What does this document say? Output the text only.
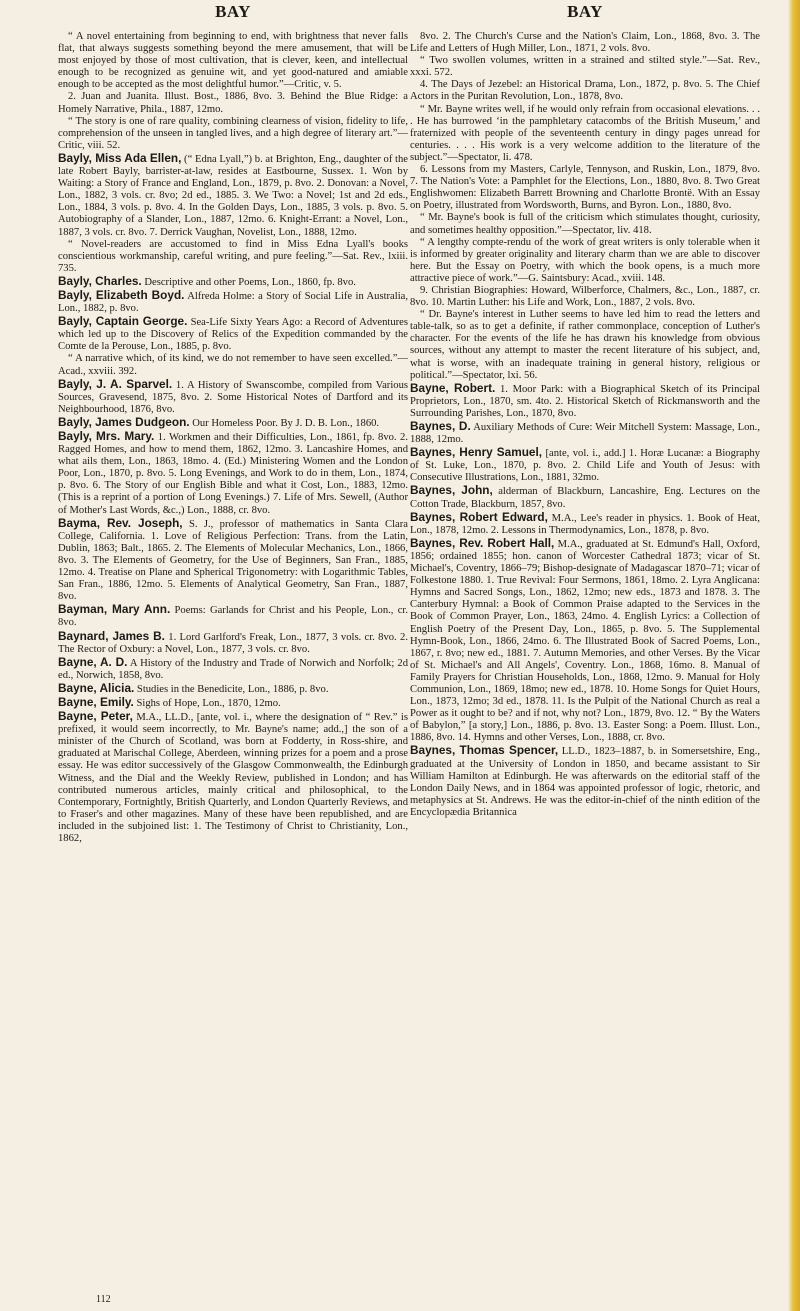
BAY	BAY

“ A novel entertaining from beginning to end, with brightness that never falls flat, that always suggests something beyond the mere amusement, that will be most enjoyed by those of most cultivation, that is clever, keen, and intellectual enough to be recognized as genuine wit, and yet good-natured and amiable enough to be accepted as the most delightful humor.”—Critic, v. 5.

2. Juan and Juanita. Illust. Bost., 1886, 8vo. 3. Behind the Blue Ridge: a Homely Narrative, Phila., 1887, 12mo.

“ The story is one of rare quality, combining clearness of vision, fidelity to life, comprehension of the unseen in tangled lives, and a high degree of literary art.”—Critic, viii. 52.

Bayly, Miss Ada Ellen, (“ Edna Lyall,”) b. at Brighton, Eng., daughter of the late Robert Bayly, barrister-at-law, resides at Eastbourne, Sussex. 1. Won by Waiting: a Story of France and England, Lon., 1879, p. 8vo. 2. Donovan: a Novel, Lon., 1882, 3 vols. cr. 8vo; 2d ed., 1885. 3. We Two: a Novel; 1st and 2d eds., Lon., 1884, 3 vols. p. 8vo. 4. In the Golden Days, Lon., 1885, 3 vols. p. 8vo. 5. Autobiography of a Slander, Lon., 1887, 12mo. 6. Knight-Errant: a Novel, Lon., 1887, 3 vols. cr. 8vo. 7. Derrick Vaughan, Novelist, Lon., 1888, 12mo.

“ Novel-readers are accustomed to find in Miss Edna Lyall's books conscientious workmanship, careful writing, and pure feeling.”—Sat. Rev., lxiii. 735.

Bayly, Charles. Descriptive and other Poems, Lon., 1860, fp. 8vo.

Bayly, Elizabeth Boyd. Alfreda Holme: a Story of Social Life in Australia, Lon., 1882, p. 8vo.

Bayly, Captain George. Sea-Life Sixty Years Ago: a Record of Adventures which led up to the Discovery of Relics of the Expedition commanded by the Comte de la Perouse, Lon., 1885, p. 8vo.

“ A narrative which, of its kind, we do not remember to have seen excelled.”—Acad., xxviii. 392.

Bayly, J. A. Sparvel. 1. A History of Swanscombe, compiled from Various Sources, Gravesend, 1875, 8vo. 2. Some Historical Notes of Dartford and its Neighbourhood, 1876, 8vo.

Bayly, James Dudgeon. Our Homeless Poor. By J. D. B. Lon., 1860.

Bayly, Mrs. Mary. 1. Workmen and their Difficulties, Lon., 1861, fp. 8vo. 2. Ragged Homes, and how to mend them, 1862, 12mo. 3. Lancashire Homes, and what ails them, Lon., 1863, 18mo. 4. (Ed.) Ministering Women and the London Poor, Lon., 1870, p. 8vo. 5. Long Evenings, and Work to do in them, Lon., 1874, p. 8vo. 6. The Story of our English Bible and what it Cost, Lon., 1883, 12mo. (This is a reprint of a portion of Long Evenings.) 7. Life of Mrs. Sewell, (Author of Mother's Last Words, &c.,) Lon., 1888, cr. 8vo.

Bayma, Rev. Joseph, S. J., professor of mathematics in Santa Clara College, California. 1. Love of Religious Perfection: Trans. from the Latin, Dublin, 1863; Balt., 1865. 2. The Elements of Molecular Mechanics, Lon., 1866, 8vo. 3. The Elements of Geometry, for the Use of Beginners, San Fran., 1885, 12mo. 4. Treatise on Plane and Spherical Trigonometry: with Logarithmic Tables, San Fran., 1886, 12mo. 5. Elements of Analytical Geometry, San Fran., 1887, 8vo.

Bayman, Mary Ann. Poems: Garlands for Christ and his People, Lon., cr. 8vo.

Baynard, James B. 1. Lord Garlford's Freak, Lon., 1877, 3 vols. cr. 8vo. 2. The Rector of Oxbury: a Novel, Lon., 1877, 3 vols. cr. 8vo.

Bayne, A. D. A History of the Industry and Trade of Norwich and Norfolk; 2d ed., Norwich, 1858, 8vo.

Bayne, Alicia. Studies in the Benedicite, Lon., 1886, p. 8vo.

Bayne, Emily. Sighs of Hope, Lon., 1870, 12mo.

Bayne, Peter, M.A., LL.D., [ante, vol. i., where the designation of “ Rev.” is prefixed, it would seem incorrectly, to Mr. Bayne's name; add.,] the son of a minister of the Church of Scotland, was born at Fodderty, in Ross-shire, and graduated at Marischal College, Aberdeen, winning prizes for a poem and a prose essay. He was editor successively of the Glasgow Commonwealth, the Edinburgh Witness, and the Dial and the Weekly Review, published in London; and has contributed numerous articles, mainly critical and philosophical, to the Contemporary, Fortnightly, British Quarterly, and London Quarterly Reviews, and to Fraser's and other magazines. Many of these have been republished, and are included in the subjoined list: 1. The Testimony of Christ to Christianity, Lon., 1862,

8vo. 2. The Church's Curse and the Nation's Claim, Lon., 1868, 8vo. 3. The Life and Letters of Hugh Miller, Lon., 1871, 2 vols. 8vo.

“ Two swollen volumes, written in a strained and stilted style.”—Sat. Rev., xxxi. 572.

4. The Days of Jezebel: an Historical Drama, Lon., 1872, p. 8vo. 5. The Chief Actors in the Puritan Revolution, Lon., 1878, 8vo.

“ Mr. Bayne writes well, if he would only refrain from occasional elevations. . . . He has burrowed ‘in the pamphletary catacombs of the British Museum,’ and fraternized with people of the seventeenth century in dingy pages unread for centuries. . . . His work is a very welcome addition to the literature of the subject.”—Spectator, li. 478.

6. Lessons from my Masters, Carlyle, Tennyson, and Ruskin, Lon., 1879, 8vo. 7. The Nation's Vote: a Pamphlet for the Elections, Lon., 1880, 8vo. 8. Two Great Englishwomen: Elizabeth Barrett Browning and Charlotte Brontë. With an Essay on Poetry, illustrated from Wordsworth, Burns, and Byron. Lon., 1880, 8vo.

“ Mr. Bayne's book is full of the criticism which stimulates thought, curiosity, and sometimes healthy opposition.”—Spectator, liv. 418.

“ A lengthy compte-rendu of the work of great writers is only tolerable when it is informed by greater originality and literary charm than we are able to discover here. But the Essay on Poetry, with which the book opens, is a much more attractive piece of work.”—G. Saintsbury: Acad., xviii. 148.

9. Christian Biographies: Howard, Wilberforce, Chalmers, &c., Lon., 1887, cr. 8vo. 10. Martin Luther: his Life and Work, Lon., 1887, 2 vols. 8vo.

“ Dr. Bayne's interest in Luther seems to have led him to read the letters and table-talk, so as to get a definite, if rather commonplace, conception of Luther's character. For the events of the life he has drawn his knowledge from obvious sources, without any attempt to master the recent literature of his subject, and, what is worse, with an inadequate training in general history, religious or political.”—Spectator, lxi. 56.

Bayne, Robert. 1. Moor Park: with a Biographical Sketch of its Principal Proprietors, Lon., 1870, sm. 4to. 2. Historical Sketch of Rickmansworth and the Surrounding Parishes, Lon., 1870, 8vo.

Baynes, D. Auxiliary Methods of Cure: Weir Mitchell System: Massage, Lon., 1888, 12mo.

Baynes, Henry Samuel, [ante, vol. i., add.] 1. Horæ Lucanæ: a Biography of St. Luke, Lon., 1870, p. 8vo. 2. Child Life and Youth of Jesus: with Consecutive Illustrations, Lon., 1881, 32mo.

Baynes, John, alderman of Blackburn, Lancashire, Eng. Lectures on the Cotton Trade, Blackburn, 1857, 8vo.

Baynes, Robert Edward, M.A., Lee's reader in physics. 1. Book of Heat, Lon., 1878, 12mo. 2. Lessons in Thermodynamics, Lon., 1878, p. 8vo.

Baynes, Rev. Robert Hall, M.A., graduated at St. Edmund's Hall, Oxford, 1856; ordained 1855; hon. canon of Worcester Cathedral 1873; vicar of St. Michael's, Coventry, 1866–79; Bishop-designate of Madagascar 1870–71; vicar of Folkestone 1880. 1. True Revival: Four Sermons, 1861, 18mo. 2. Lyra Anglicana: Hymns and Sacred Songs, Lon., 1862, 12mo; new eds., 1873 and 1878. 3. The Canterbury Hymnal: a Book of Common Praise adapted to the Services in the Book of Common Prayer, Lon., 1863, 24mo. 4. English Lyrics: a Collection of English Poetry of the Present Day, Lon., 1865, p. 8vo. 5. The Supplemental Hymn-Book, Lon., 1866, 24mo. 6. The Illustrated Book of Sacred Poems, Lon., 1867, r. 8vo; new ed., 1881. 7. Autumn Memories, and other Verses. By the Vicar of St. Michael's and All Angels', Coventry. Lon., 1868, 16mo. 8. Manual of Family Prayers for Christian Households, Lon., 1868, 12mo. 9. Manual for Holy Communion, Lon., 1869, 18mo; new ed., 1878. 10. Home Songs for Quiet Hours, Lon., 1873, 12mo; 3d ed., 1878. 11. Is the Pulpit of the National Church as real a Power as it ought to be? and if not, why not? Lon., 1879, 8vo. 12. “ By the Waters of Babylon,” [a story,] Lon., 1886, p. 8vo. 13. Easter Song: a Poem. Illust. Lon., 1886, 8vo. 14. Hymns and other Verses, Lon., 1888, cr. 8vo.

Baynes, Thomas Spencer, LL.D., 1823–1887, b. in Somersetshire, Eng., graduated at the University of London in 1850, and became assistant to Sir William Hamilton at Edinburgh. He was afterwards on the editorial staff of the London Daily News, and in 1864 was appointed professor of logic, rhetoric, and metaphysics at St. Andrews. He was the editor-in-chief of the ninth edition of the Encyclopædia Britannica

112
